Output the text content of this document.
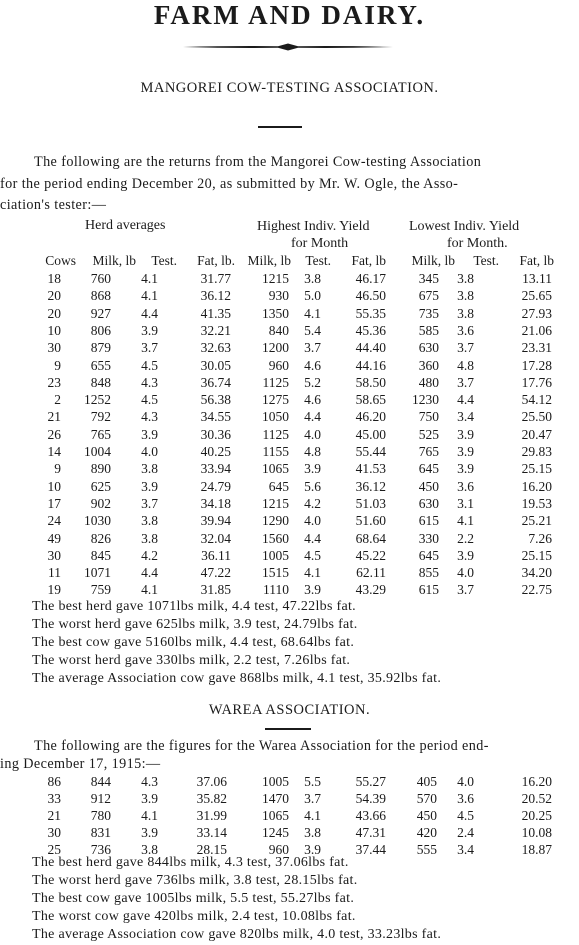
FARM AND DAIRY.
MANGOREI COW-TESTING ASSOCIATION.
The following are the returns from the Mangorei Cow-testing Association
for the period ending December 20, as submitted by Mr. W. Ogle, the Asso-
ciation's tester:—
Herd averages	Highest Indiv. Yield
for Month
Lowest Indiv. Yield
for Month.
Cows Milk, lb Test. Fat, lb. Milk, lb Test. Fat, lb Milk, lb Test. Fat, lb
18 760 4.1	31.77 1215 3.8	46.17 345 3.8	13.11
20 868 4.1	36.12	930 5.0	46.50 675 3.8	25.65
20 927 4.4	41.35 1350 4.1	55.35 735 3.8	27.93
10 806 3.9	32.21	840 5.4	45.36 585 3.6	21.06
30 879 3.7	32.63 1200 3.7	44.40 630 3.7	23.31
9 655 4.5	30.05	960 4.6	44.16 360 4.8	17.28
23 848 4.3	36.74 1125 5.2	58.50 480 3.7	17.76
2 1252 4.5	56.38 1275 4.6	58.65 1230 4.4	54.12
21 792 4.3	34.55 1050 4.4	46.20 750 3.4	25.50
26 765 3.9	30.36 1125 4.0	45.00 525 3.9	20.47
14 1004 4.0	40.25 1155 4.8	55.44 765 3.9	29.83
9 890 3.8	33.94 1065 3.9	41.53 645 3.9	25.15
10 625 3.9	24.79	645 5.6	36.12 450 3.6	16.20
17 902 3.7	34.18 1215 4.2	51.03 630 3.1	19.53
24 1030 3.8	39.94 1290 4.0	51.60 615 4.1	25.21
49 826 3.8	32.04 1560 4.4	68.64 330 2.2	7.26
30 845 4.2	36.11 1005 4.5	45.22 645 3.9	25.15
11 1071 4.4	47.22 1515 4.1	62.11 855 4.0	34.20
19 759 4.1	31.85 1110 3.9	43.29 615 3.7	22.75
The best herd gave 1071lbs milk, 4.4 test, 47.22lbs fat.
The worst herd gave 625lbs milk, 3.9 test, 24.79lbs fat.
The best cow gave 5160lbs milk, 4.4 test, 68.64lbs fat.
The worst herd gave 330lbs milk, 2.2 test, 7.26lbs fat.
The average Association cow gave 868lbs milk, 4.1 test, 35.92lbs fat.
WAREA ASSOCIATION.
The following are the figures for the Warea Association for the period end-
ing December 17, 1915:—
86 844 4.3	37.06	1005 5.5	55.27 405 4.0	16.20
33 912 3.9	35.82	1470 3.7	54.39 570 3.6	20.52
21 780 4.1	31.99	1065 4.1	43.66 450 4.5	20.25
30 831 3.9	33.14	1245 3.8	47.31 420 2.4	10.08
25 736 3.8	28.15	960 3.9	37.44 555 3.4	18.87
The best herd gave 844lbs milk, 4.3 test, 37.06lbs fat.
The worst herd gave 736lbs milk, 3.8 test, 28.15lbs fat.
The best cow gave 1005lbs milk, 5.5 test, 55.27lbs fat.
The worst cow gave 420lbs milk, 2.4 test, 10.08lbs fat.
The average Association cow gave 820lbs milk, 4.0 test, 33.23lbs fat.
